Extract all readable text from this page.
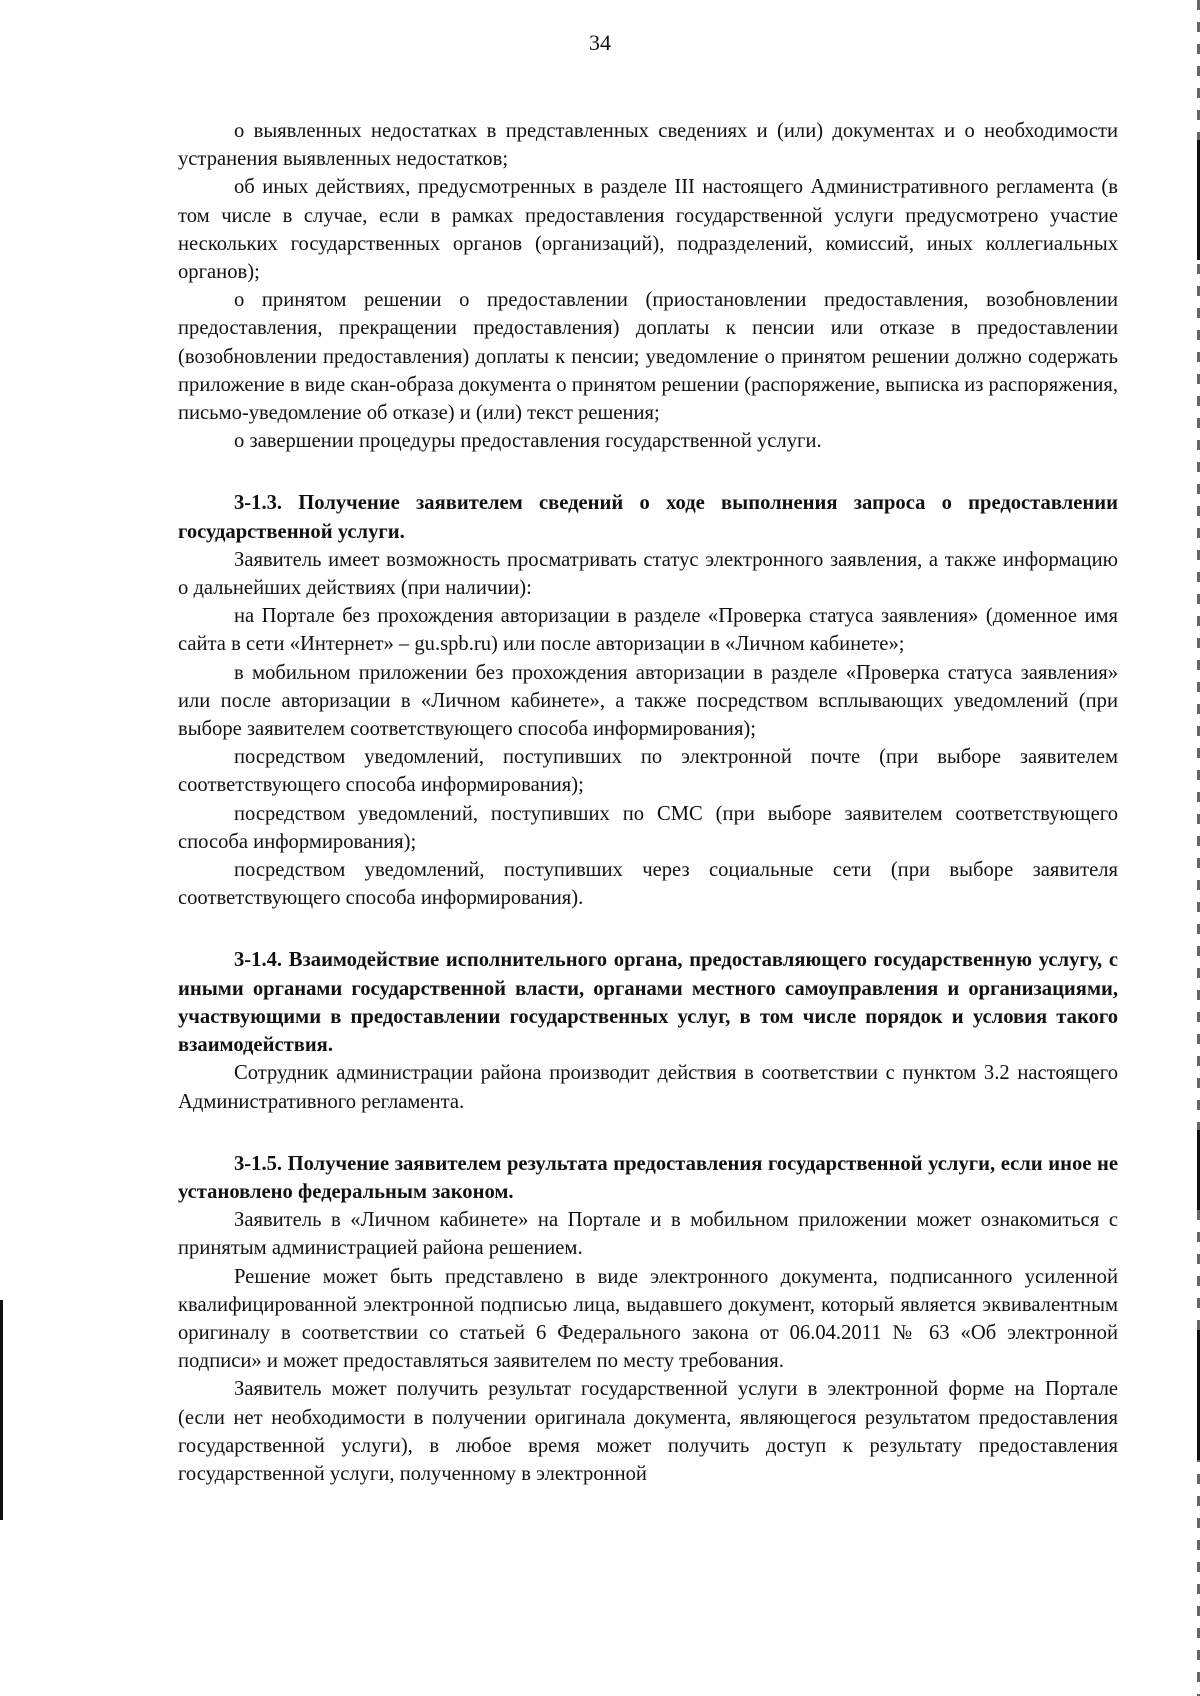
34

о выявленных недостатках в представленных сведениях и (или) документах и о необходимости устранения выявленных недостатков;

об иных действиях, предусмотренных в разделе III настоящего Административного регламента (в том числе в случае, если в рамках предоставления государственной услуги предусмотрено участие нескольких государственных органов (организаций), подразделений, комиссий, иных коллегиальных органов);

о принятом решении о предоставлении (приостановлении предоставления, возобновлении предоставления, прекращении предоставления) доплаты к пенсии или отказе в предоставлении (возобновлении предоставления) доплаты к пенсии; уведомление о принятом решении должно содержать приложение в виде скан-образа документа о принятом решении (распоряжение, выписка из распоряжения, письмо-уведомление об отказе) и (или) текст решения;

о завершении процедуры предоставления государственной услуги.

3-1.3. Получение заявителем сведений о ходе выполнения запроса о предоставлении государственной услуги.

Заявитель имеет возможность просматривать статус электронного заявления, а также информацию о дальнейших действиях (при наличии):

на Портале без прохождения авторизации в разделе «Проверка статуса заявления» (доменное имя сайта в сети «Интернет» – gu.spb.ru) или после авторизации в «Личном кабинете»;

в мобильном приложении без прохождения авторизации в разделе «Проверка статуса заявления» или после авторизации в «Личном кабинете», а также посредством всплывающих уведомлений (при выборе заявителем соответствующего способа информирования);

посредством уведомлений, поступивших по электронной почте (при выборе заявителем соответствующего способа информирования);

посредством уведомлений, поступивших по СМС (при выборе заявителем соответствующего способа информирования);

посредством уведомлений, поступивших через социальные сети (при выборе заявителя соответствующего способа информирования).

3-1.4. Взаимодействие исполнительного органа, предоставляющего государственную услугу, с иными органами государственной власти, органами местного самоуправления и организациями, участвующими в предоставлении государственных услуг, в том числе порядок и условия такого взаимодействия.

Сотрудник администрации района производит действия в соответствии с пунктом 3.2 настоящего Административного регламента.

3-1.5. Получение заявителем результата предоставления государственной услуги, если иное не установлено федеральным законом.

Заявитель в «Личном кабинете» на Портале и в мобильном приложении может ознакомиться с принятым администрацией района решением.

Решение может быть представлено в виде электронного документа, подписанного усиленной квалифицированной электронной подписью лица, выдавшего документ, который является эквивалентным оригиналу в соответствии со статьей 6 Федерального закона от 06.04.2011 № 63 «Об электронной подписи» и может предоставляться заявителем по месту требования.

Заявитель может получить результат государственной услуги в электронной форме на Портале (если нет необходимости в получении оригинала документа, являющегося результатом предоставления государственной услуги), в любое время может получить доступ к результату предоставления государственной услуги, полученному в электронной
